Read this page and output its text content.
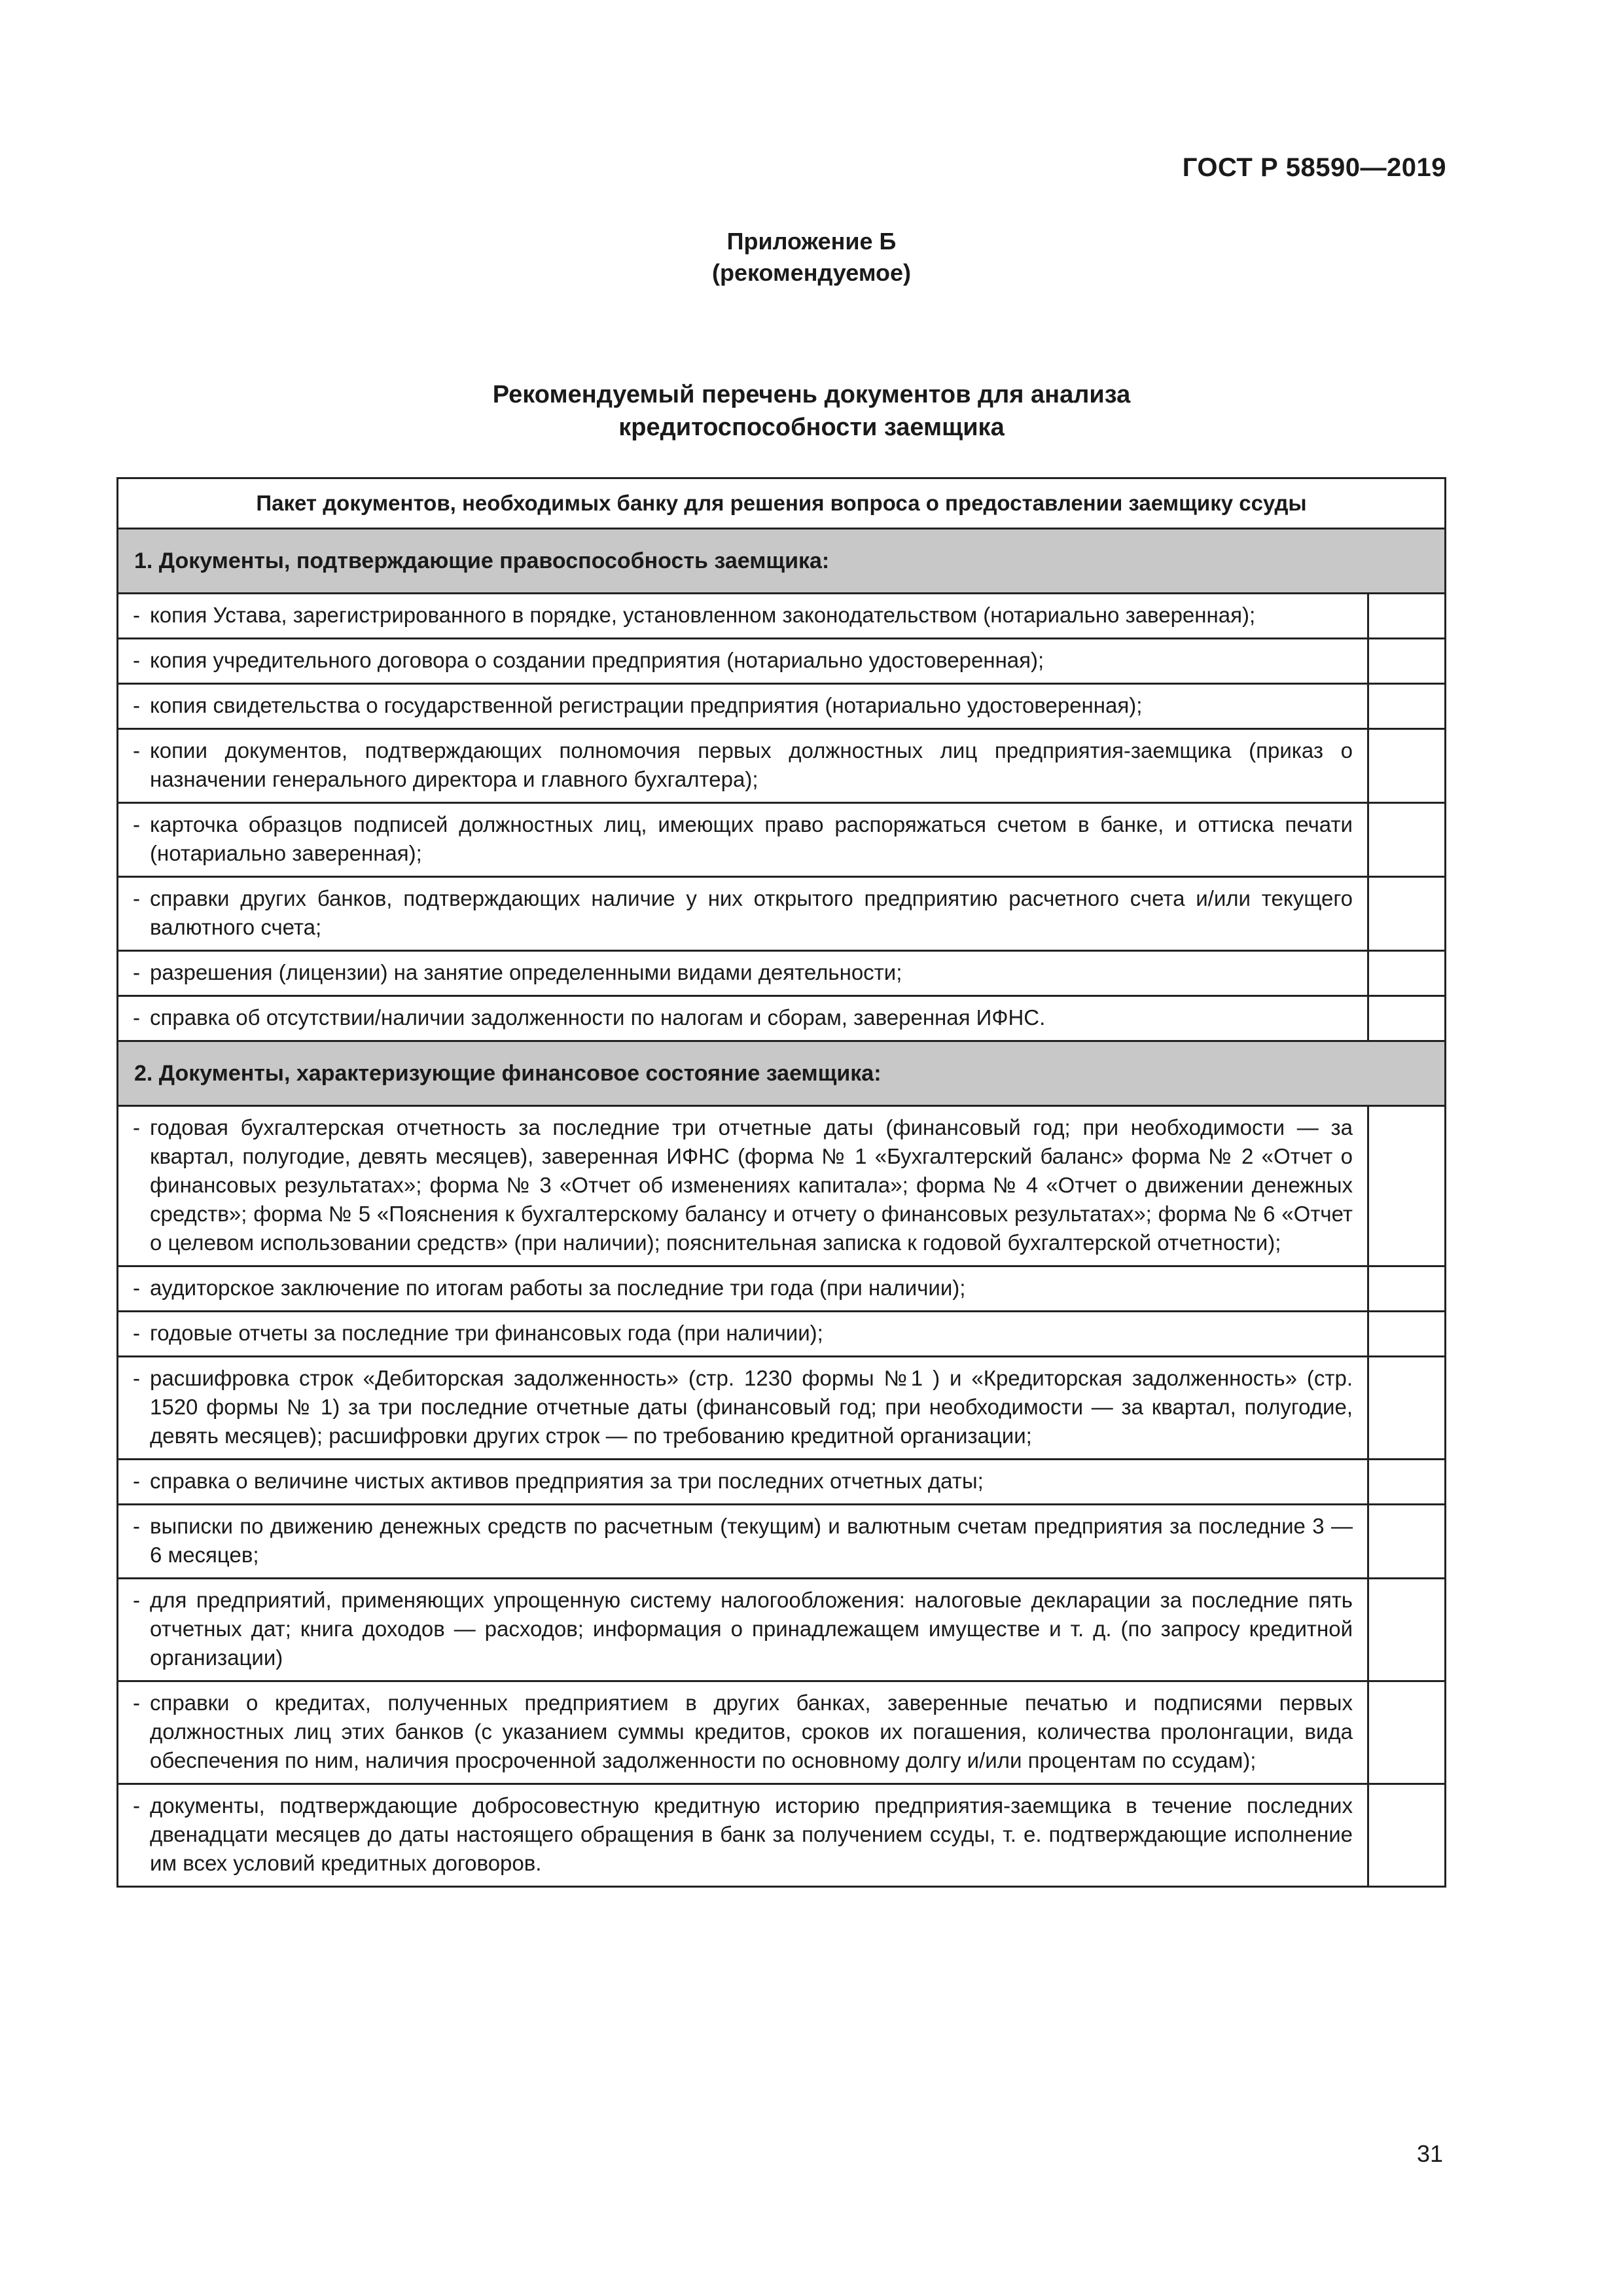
ГОСТ Р 58590—2019
Приложение Б
(рекомендуемое)
Рекомендуемый перечень документов для анализа
кредитоспособности заемщика
Пакет документов, необходимых банку для решения вопроса о предоставлении заемщику ссуды	
1. Документы, подтверждающие правоспособность заемщика:	

- копия Устава, зарегистрированного в порядке, установленном законодательством (нотариально заверенная);	

- копия учредительного договора о создании предприятия (нотариально удостоверенная);	

- копия свидетельства о государственной регистрации предприятия (нотариально удостоверенная);	

- копии документов, подтверждающих полномочия первых должностных лиц предприятия-заемщика (приказ о назначении генерального директора и главного бухгалтера);	

- карточка образцов подписей должностных лиц, имеющих право распоряжаться счетом в банке, и оттиска печати (нотариально заверенная);	

- справки других банков, подтверждающих наличие у них открытого предприятию расчетного счета и/или текущего валютного счета;	

- разрешения (лицензии) на занятие определенными видами деятельности;	

- справка об отсутствии/наличии задолженности по налогам и сборам, заверенная ИФНС.	

2. Документы, характеризующие финансовое состояние заемщика:	

- годовая бухгалтерская отчетность за последние три отчетные даты (финансовый год; при необходимости — за квартал, полугодие, девять месяцев), заверенная ИФНС (форма № 1 «Бухгалтерский баланс» форма № 2 «Отчет о финансовых результатах»; форма № 3 «Отчет об изменениях капитала»; форма № 4 «Отчет о движении денежных средств»; форма № 5 «Пояснения к бухгалтерскому балансу и отчету о финансовых результатах»; форма № 6 «Отчет о целевом использовании средств» (при наличии); пояснительная записка к годовой бухгалтерской отчетности);	

- аудиторское заключение по итогам работы за последние три года (при наличии);	

- годовые отчеты за последние три финансовых года (при наличии);	

- расшифровка строк «Дебиторская задолженность» (стр. 1230 формы №1 ) и «Кредиторская задолженность» (стр. 1520 формы № 1) за три последние отчетные даты (финансовый год; при необходимости — за квартал, полугодие, девять месяцев); расшифровки других строк — по требованию кредитной организации;	

- справка о величине чистых активов предприятия за три последних отчетных даты;	

- выписки по движению денежных средств по расчетным (текущим) и валютным счетам предприятия за последние 3 — 6 месяцев;	

- для предприятий, применяющих упрощенную систему налогообложения: налоговые декларации за последние пять отчетных дат; книга доходов — расходов; информация о принадлежащем имуществе и т. д. (по запросу кредитной организации)	

- справки о кредитах, полученных предприятием в других банках, заверенные печатью и подписями первых должностных лиц этих банков (с указанием суммы кредитов, сроков их погашения, количества пролонгации, вида обеспечения по ним, наличия просроченной задолженности по основному долгу и/или процентам по ссудам);	

- документы, подтверждающие добросовестную кредитную историю предприятия-заемщика в течение последних двенадцати месяцев до даты настоящего обращения в банк за получением ссуды, т. е. подтверждающие исполнение им всех условий кредитных договоров.	

31
